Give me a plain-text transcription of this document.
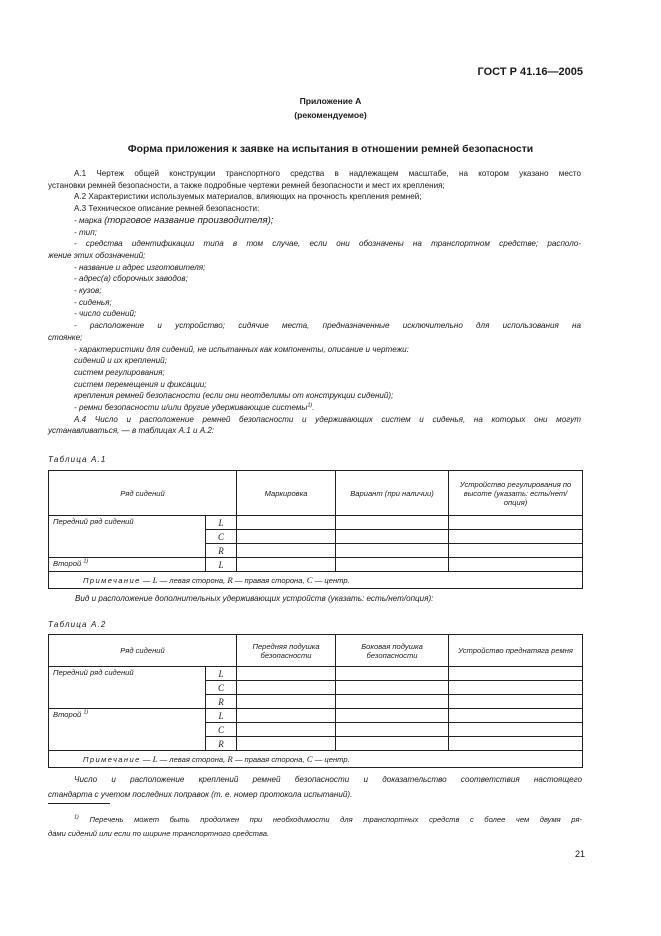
ГОСТ Р 41.16—2005
Приложение А
(рекомендуемое)
Форма приложения к заявке на испытания в отношении ремней безопасности

А.1 Чертеж общей конструкции транспортного средства в надлежащем масштабе, на котором указано место

установки ремней безопасности, а также подробные чертежи ремней безопасности и мест их крепления;

А.2 Характеристики используемых материалов, влияющих на прочность крепления ремней;

А.3 Техническое описание ремней безопасности:

- марка (торговое название производителя);

- тип;

- средства идентификации типа в том случае, если они обозначены на транспортном средстве; располо-

жение этих обозначений;

- название и адрес изготовителя;

- адрес(а) сборочных заводов;

- кузов;

- сиденья;

- число сидений;

- расположение и устройство; сидячие места, предназначенные исключительно для использования на

стоянке;

- характеристики для сидений, не испытанных как компоненты, описание и чертежи:

сидений и их креплений;

систем регулирования;

систем перемещения и фиксации;

крепления ремней безопасности (если они неотделимы от конструкции сидений);

- ремни безопасности и/или другие удерживающие системы$^{1)}$.

А.4 Число и расположение ремней безопасности и удерживающих систем и сиденья, на которых они могут

устанавливаться, — в таблицах А.1 и А.2:

Таблица А.1
Ряд сидений		Маркировка	Вариант (при наличии)	Устройство регулирования по высоте (указать: есть/нет/опция)
Передний ряд сидений	L			
	C			
	R			
Второй $^{1)}$	L			
Примечание — L — левая сторона, R — правая сторона, C — центр.				
Вид и расположение дополнительных удерживающих устройств (указать: есть/нет/опция):
Таблица А.2
Ряд сидений		Передняя подушка безопасности	Боковая подушка безопасности	Устройство преднатяга ремня
Передний ряд сидений	L			
	C			
	R			
Второй $^{1)}$	L			
	C			
	R			
Примечание — L — левая сторона, R — правая сторона, C — центр.				

Число и расположение креплений ремней безопасности и доказательство соответствия настоящего

стандарта с учетом последних поправок (т. е. номер протокола испытаний).

$^{1)}$ Перечень может быть продолжен при необходимости для транспортных средств с более чем двумя ря-

дами сидений или если по ширине транспортного средства.

21
